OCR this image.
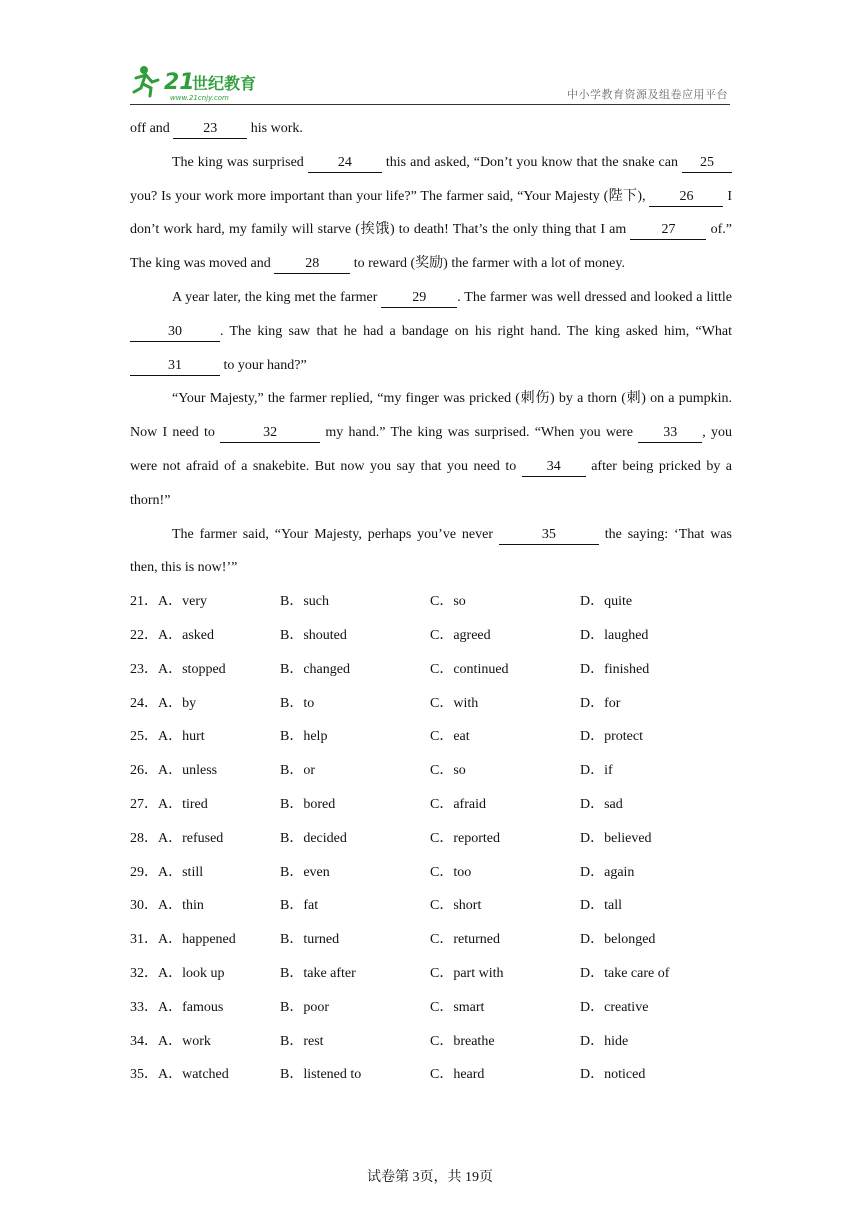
21
世纪教育
www.21cnjy.com	中小学教育资源及组卷应用平台

off and 23 his work.

The king was surprised 24 this and asked, “Don’t you know that the snake can 25 you? Is your work more important than your life?” The farmer said, “Your Majesty (陛下), 26 I don’t work hard, my family will starve (挨饿) to death! That’s the only thing that I am 27	of.” The king was moved and 28 to reward (奖励) the farmer with a lot of money.

A year later, the king met the farmer 29 . The farmer was well dressed and looked a little 30	. The king saw that he had a bandage on his right hand. The king asked him, “What 31	to your hand?”

“Your Majesty,” the farmer replied, “my finger was pricked (刺伤) by a thorn (刺) on a pumpkin. Now I need to	32	my hand.” The king was surprised. “When you were 33 , you were not afraid of a snakebite. But now you say that you need to 34 after being pricked by a thorn!”

The farmer said, “Your Majesty, perhaps you’ve never	35	the saying: ‘That was then, this is now!’”

21．A．very	B．such	C．so	D．quite
22．A．asked	B．shouted	C．agreed	D．laughed
23．A．stopped	B．changed	C．continued	D．finished
24．A．by	B．to	C．with	D．for
25．A．hurt	B．help	C．eat	D．protect
26．A．unless	B．or	C．so	D．if
27．A．tired	B．bored	C．afraid	D．sad
28．A．refused	B．decided	C．reported	D．believed
29．A．still	B．even	C．too	D．again
30．A．thin	B．fat	C．short	D．tall
31．A．happened	B．turned	C．returned	D．belonged
32．A．look up	B．take after	C．part with	D．take care of
33．A．famous	B．poor	C．smart	D．creative
34．A．work	B．rest	C．breathe	D．hide
35．A．watched	B．listened to	C．heard	D．noticed
试卷第 3页，共 19页
